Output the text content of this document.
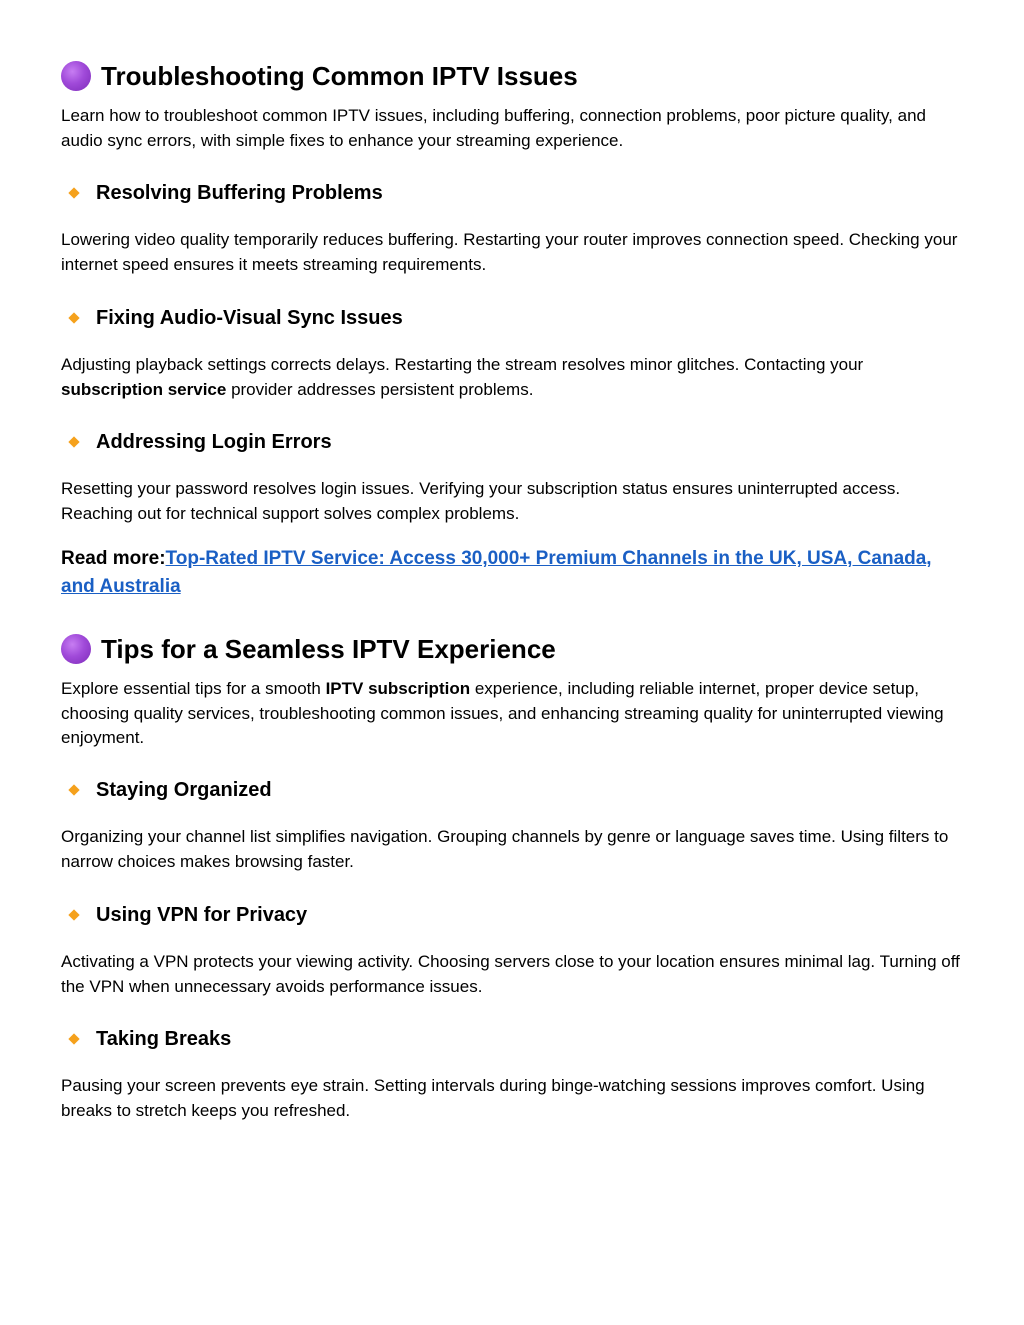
Troubleshooting Common IPTV Issues

Learn how to troubleshoot common IPTV issues, including buffering, connection problems, poor picture quality, and audio sync errors, with simple fixes to enhance your streaming experience.

Resolving Buffering Problems

Lowering video quality temporarily reduces buffering. Restarting your router improves connection speed. Checking your internet speed ensures it meets streaming requirements.

Fixing Audio-Visual Sync Issues

Adjusting playback settings corrects delays. Restarting the stream resolves minor glitches. Contacting your subscription service provider addresses persistent problems.

Addressing Login Errors

Resetting your password resolves login issues. Verifying your subscription status ensures uninterrupted access. Reaching out for technical support solves complex problems.

Read more:Top-Rated IPTV Service: Access 30,000+ Premium Channels in the UK, USA, Canada, and Australia

Tips for a Seamless IPTV Experience

Explore essential tips for a smooth IPTV subscription experience, including reliable internet, proper device setup, choosing quality services, troubleshooting common issues, and enhancing streaming quality for uninterrupted viewing enjoyment.

Staying Organized

Organizing your channel list simplifies navigation. Grouping channels by genre or language saves time. Using filters to narrow choices makes browsing faster.

Using VPN for Privacy

Activating a VPN protects your viewing activity. Choosing servers close to your location ensures minimal lag. Turning off the VPN when unnecessary avoids performance issues.

Taking Breaks

Pausing your screen prevents eye strain. Setting intervals during binge-watching sessions improves comfort. Using breaks to stretch keeps you refreshed.
